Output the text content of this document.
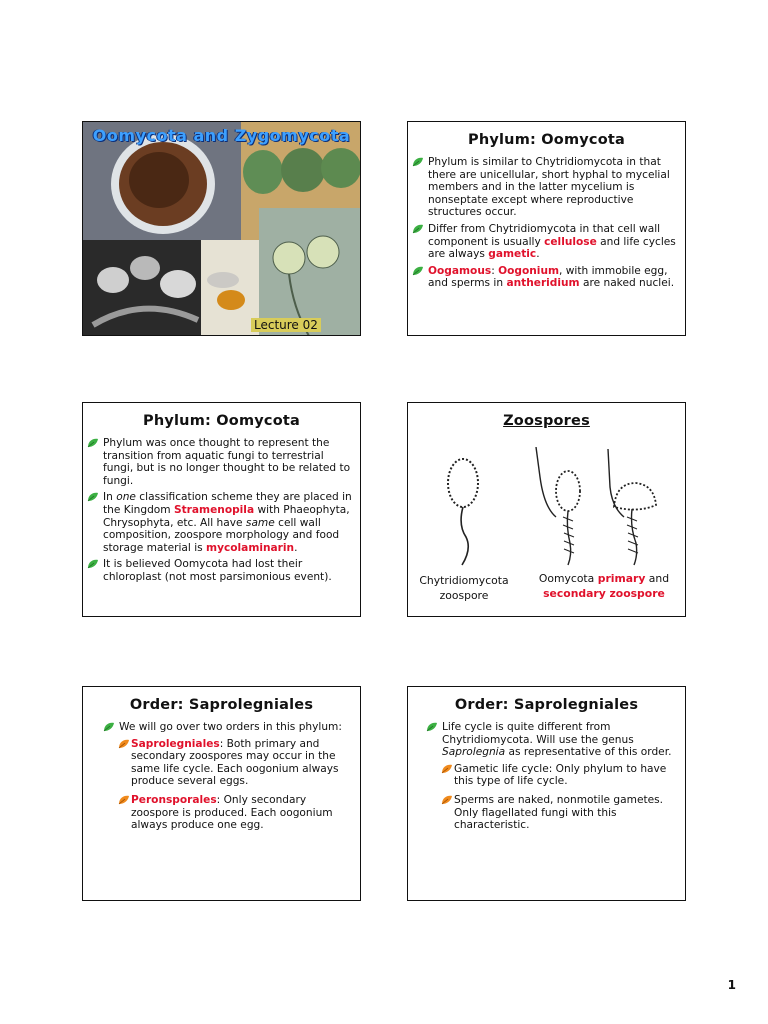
Oomycota and Zygomycota
Lecture 02
Phylum: Oomycota
Phylum is similar to Chytridiomycota in that there are unicellular, short hyphal to mycelial members and in the latter mycelium is nonseptate except where reproductive structures occur.
Differ from Chytridiomycota in that cell wall component is usually cellulose and life cycles are always gametic.
Oogamous: Oogonium, with immobile egg, and sperms in antheridium are naked nuclei.
Phylum: Oomycota
Phylum was once thought to represent the transition from aquatic fungi to terrestrial fungi, but is no longer thought to be related to fungi.
In one classification scheme they are placed in the Kingdom Stramenopila with Phaeophyta, Chrysophyta, etc. All have same cell wall composition, zoospore morphology and food storage material is mycolaminarin.
It is believed Oomycota had lost their chloroplast (not most parsimonious event).
Zoospores
Chytridiomycota
zoospore
Oomycota primary and
secondary zoospore
Order: Saprolegniales
We will go over two orders in this phylum:
Saprolegniales: Both primary and secondary zoospores may occur in the same life cycle. Each oogonium always produce several eggs.
Peronsporales: Only secondary zoospore is produced. Each oogonium always produce one egg.
Order: Saprolegniales
Life cycle is quite different from Chytridiomycota. Will use the genus Saprolegnia as representative of this order.
Gametic life cycle: Only phylum to have this type of life cycle.
Sperms are naked, nonmotile gametes. Only flagellated fungi with this characteristic.
1
